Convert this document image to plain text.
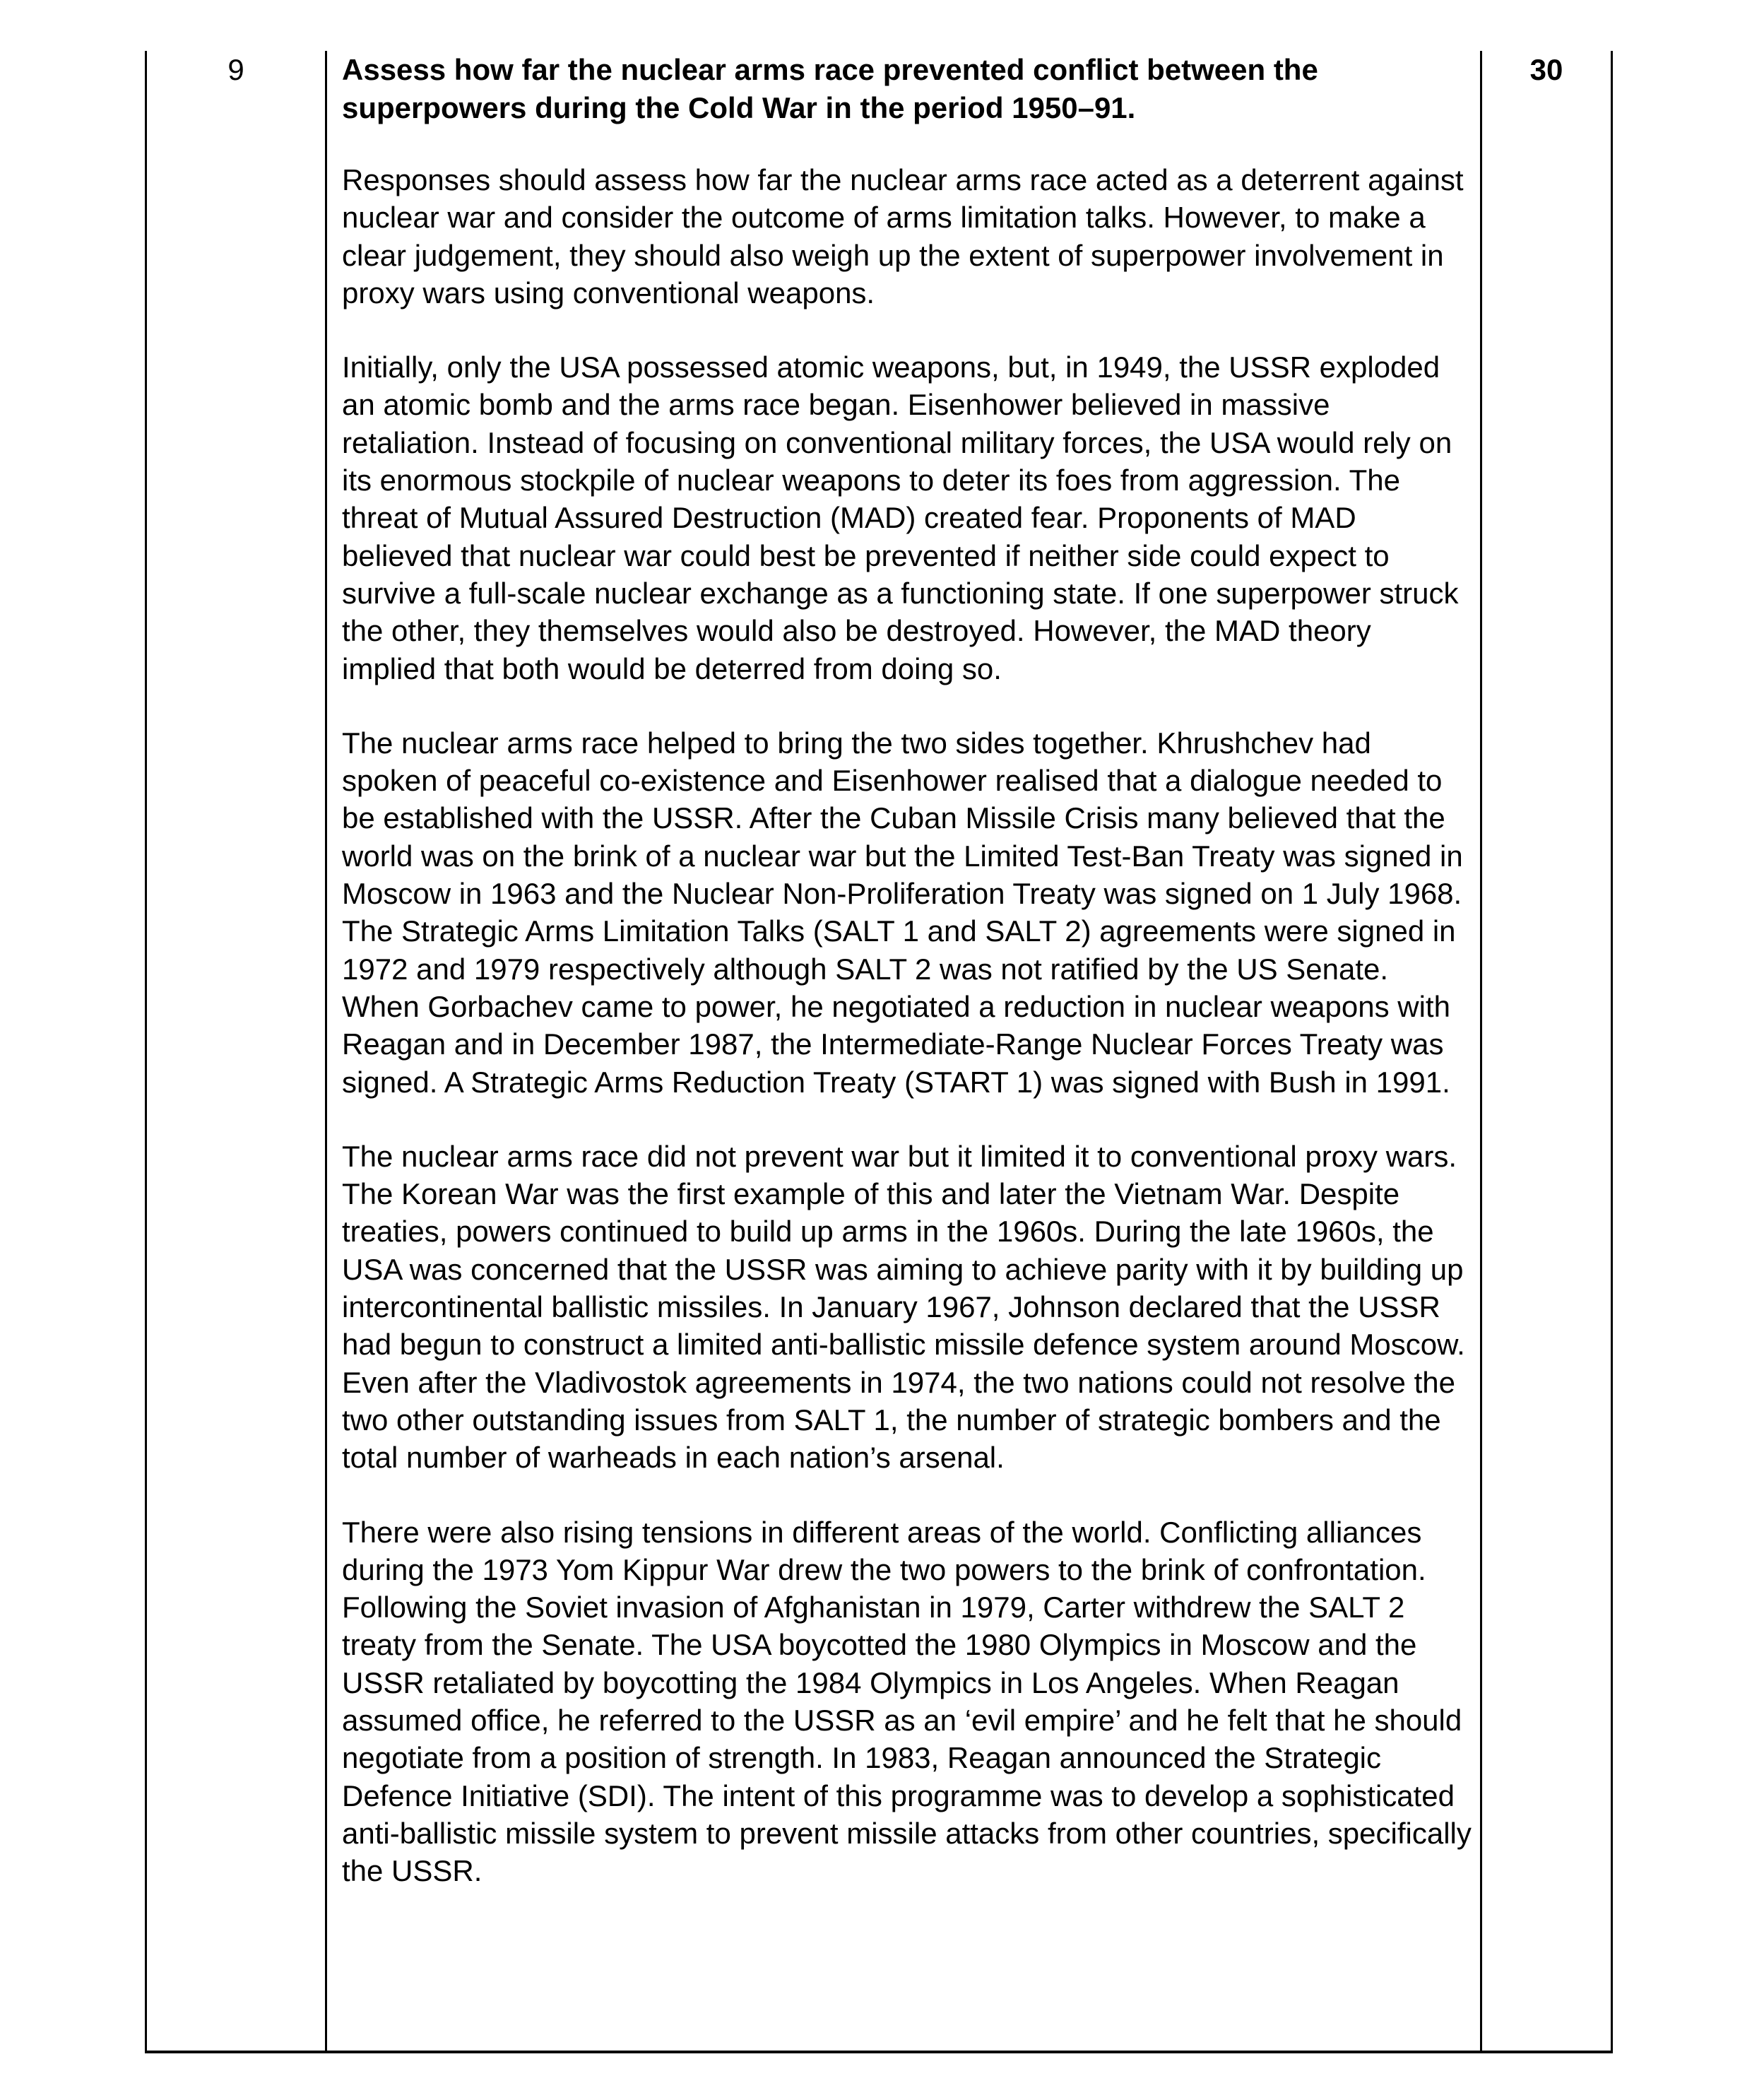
9	Assess how far the nuclear arms race prevented conflict between the superpowers during the Cold War in the period 1950–91.

Responses should assess how far the nuclear arms race acted as a deterrent against nuclear war and consider the outcome of arms limitation talks. However, to make a clear judgement, they should also weigh up the extent of superpower involvement in proxy wars using conventional weapons.

Initially, only the USA possessed atomic weapons, but, in 1949, the USSR exploded an atomic bomb and the arms race began. Eisenhower believed in massive retaliation. Instead of focusing on conventional military forces, the USA would rely on its enormous stockpile of nuclear weapons to deter its foes from aggression. The threat of Mutual Assured Destruction (MAD) created fear. Proponents of MAD believed that nuclear war could best be prevented if neither side could expect to survive a full-scale nuclear exchange as a functioning state. If one superpower struck the other, they themselves would also be destroyed. However, the MAD theory implied that both would be deterred from doing so.

The nuclear arms race helped to bring the two sides together. Khrushchev had spoken of peaceful co-existence and Eisenhower realised that a dialogue needed to be established with the USSR. After the Cuban Missile Crisis many believed that the world was on the brink of a nuclear war but the Limited Test-Ban Treaty was signed in Moscow in 1963 and the Nuclear Non-Proliferation Treaty was signed on 1 July 1968. The Strategic Arms Limitation Talks (SALT 1 and SALT 2) agreements were signed in 1972 and 1979 respectively although SALT 2 was not ratified by the US Senate. When Gorbachev came to power, he negotiated a reduction in nuclear weapons with Reagan and in December 1987, the Intermediate-Range Nuclear Forces Treaty was signed. A Strategic Arms Reduction Treaty (START 1) was signed with Bush in 1991.

The nuclear arms race did not prevent war but it limited it to conventional proxy wars. The Korean War was the first example of this and later the Vietnam War. Despite treaties, powers continued to build up arms in the 1960s. During the late 1960s, the USA was concerned that the USSR was aiming to achieve parity with it by building up intercontinental ballistic missiles. In January 1967, Johnson declared that the USSR had begun to construct a limited anti-ballistic missile defence system around Moscow. Even after the Vladivostok agreements in 1974, the two nations could not resolve the two other outstanding issues from SALT 1, the number of strategic bombers and the total number of warheads in each nation’s arsenal.

There were also rising tensions in different areas of the world. Conflicting alliances during the 1973 Yom Kippur War drew the two powers to the brink of confrontation. Following the Soviet invasion of Afghanistan in 1979, Carter withdrew the SALT 2 treaty from the Senate. The USA boycotted the 1980 Olympics in Moscow and the USSR retaliated by boycotting the 1984 Olympics in Los Angeles. When Reagan assumed office, he referred to the USSR as an ‘evil empire’ and he felt that he should negotiate from a position of strength. In 1983, Reagan announced the Strategic Defence Initiative (SDI). The intent of this programme was to develop a sophisticated anti-ballistic missile system to prevent missile attacks from other countries, specifically the USSR.

30
